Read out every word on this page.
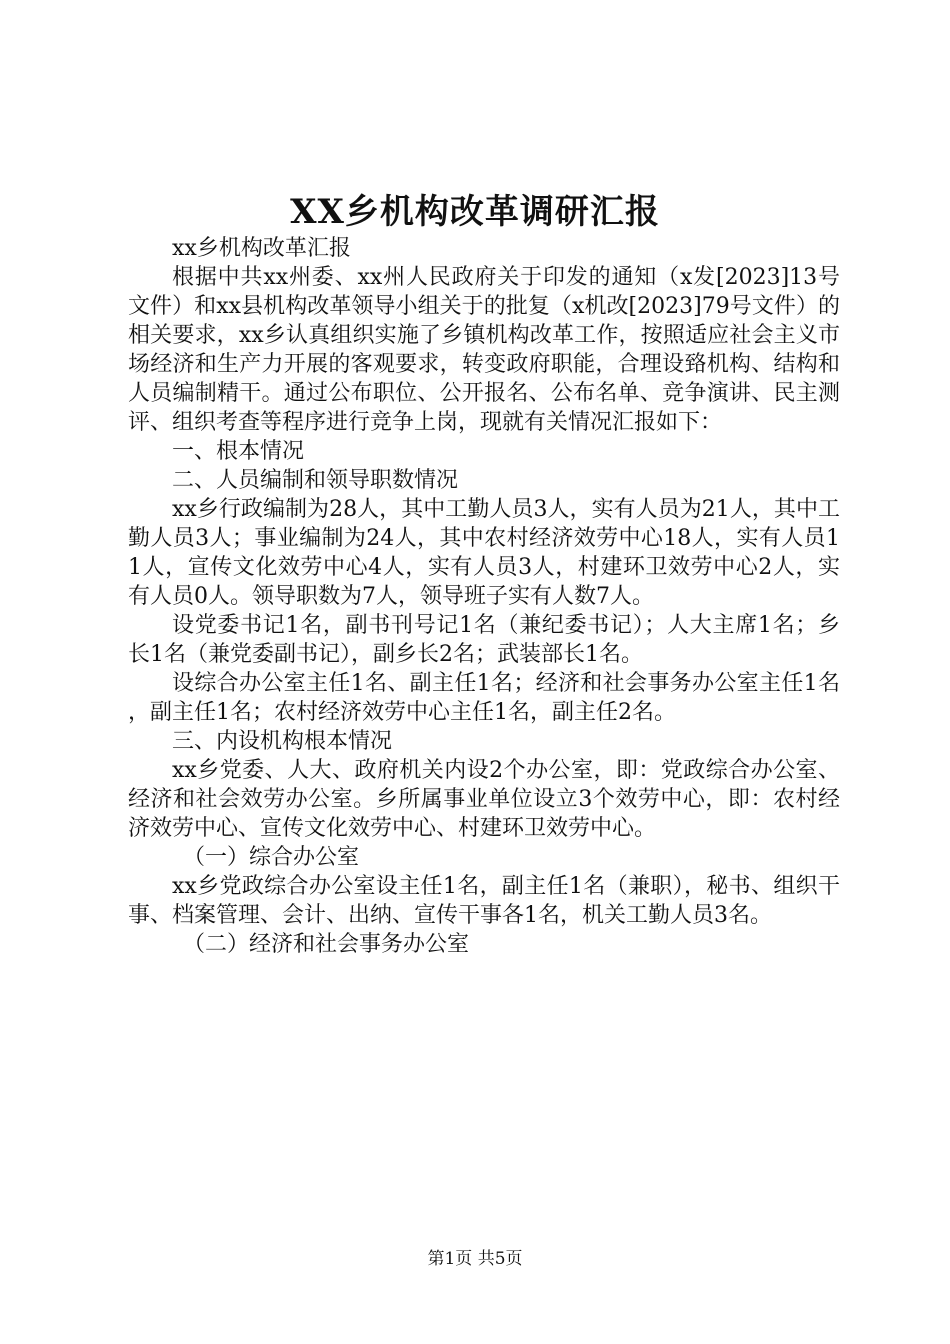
XX乡机构改革调研汇报

xx乡机构改革汇报

根据中共xx州委、xx州人民政府关于印发的通知（x发[2023]13号文件）和xx县机构改革领导小组关于的批复（x机改[2023]79号文件）的相关要求，xx乡认真组织实施了乡镇机构改革工作，按照适应社会主义市场经济和生产力开展的客观要求，转变政府职能，合理设臵机构、结构和人员编制精干。通过公布职位、公开报名、公布名单、竞争演讲、民主测评、组织考查等程序进行竞争上岗，现就有关情况汇报如下：

一、根本情况

二、人员编制和领导职数情况

xx乡行政编制为28人，其中工勤人员3人，实有人员为21人，其中工勤人员3人；事业编制为24人，其中农村经济效劳中心18人，实有人员11人，宣传文化效劳中心4人，实有人员3人，村建环卫效劳中心2人，实有人员0人。领导职数为7人，领导班子实有人数7人。

设党委书记1名，副书刊号记1名（兼纪委书记）；人大主席1名；乡长1名（兼党委副书记），副乡长2名；武装部长1名。

设综合办公室主任1名、副主任1名；经济和社会事务办公室主任1名，副主任1名；农村经济效劳中心主任1名，副主任2名。

三、内设机构根本情况

xx乡党委、人大、政府机关内设2个办公室，即：党政综合办公室、经济和社会效劳办公室。乡所属事业单位设立3个效劳中心，即：农村经济效劳中心、宣传文化效劳中心、村建环卫效劳中心。

（一）综合办公室

xx乡党政综合办公室设主任1名，副主任1名（兼职），秘书、组织干事、档案管理、会计、出纳、宣传干事各1名，机关工勤人员3名。

（二）经济和社会事务办公室

第1页 共5页
